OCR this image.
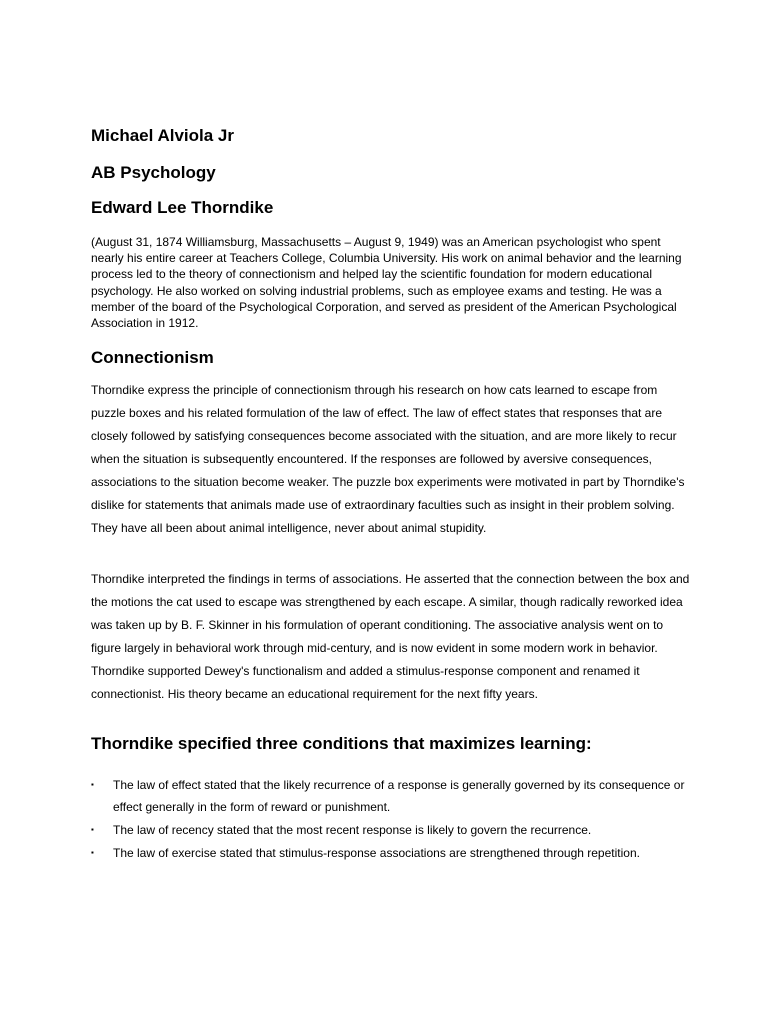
Michael Alviola Jr
AB Psychology
Edward Lee Thorndike

(August 31, 1874 Williamsburg, Massachusetts – August 9, 1949) was an American psychologist who spent nearly his entire career at Teachers College, Columbia University. His work on animal behavior and the learning process led to the theory of connectionism and helped lay the scientific foundation for modern educational psychology. He also worked on solving industrial problems, such as employee exams and testing. He was a member of the board of the Psychological Corporation, and served as president of the American Psychological Association in 1912.

Connectionism

Thorndike express the principle of connectionism through his research on how cats learned to escape from puzzle boxes and his related formulation of the law of effect. The law of effect states that responses that are closely followed by satisfying consequences become associated with the situation, and are more likely to recur when the situation is subsequently encountered. If the responses are followed by aversive consequences, associations to the situation become weaker. The puzzle box experiments were motivated in part by Thorndike's dislike for statements that animals made use of extraordinary faculties such as insight in their problem solving. They have all been about animal intelligence, never about animal stupidity.

Thorndike interpreted the findings in terms of associations. He asserted that the connection between the box and the motions the cat used to escape was strengthened by each escape. A similar, though radically reworked idea was taken up by B. F. Skinner in his formulation of operant conditioning. The associative analysis went on to figure largely in behavioral work through mid-century, and is now evident in some modern work in behavior. Thorndike supported Dewey's functionalism and added a stimulus-response component and renamed it connectionist. His theory became an educational requirement for the next fifty years.

Thorndike specified three conditions that maximizes learning:
▪ The law of effect stated that the likely recurrence of a response is generally governed by its consequence or effect generally in the form of reward or punishment.
▪ The law of recency stated that the most recent response is likely to govern the recurrence.
▪ The law of exercise stated that stimulus-response associations are strengthened through repetition.
